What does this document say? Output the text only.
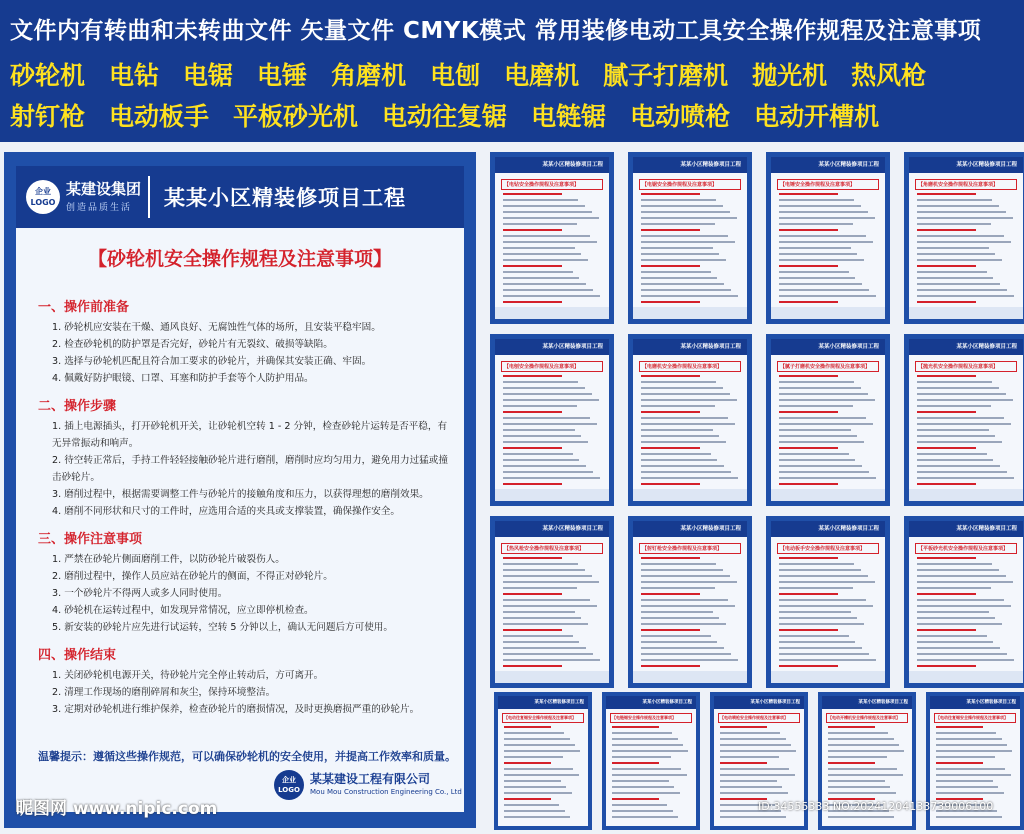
文件内有转曲和未转曲文件 矢量文件 CMYK模式 常用装修电动工具安全操作规程及注意事项
砂轮机 电钻 电锯 电锤 角磨机 电刨 电磨机 腻子打磨机 抛光机 热风枪
射钉枪 电动板手 平板砂光机 电动往复锯 电链锯 电动喷枪 电动开槽机
企业LOGO
某建设集团
创造品质生活 某某小区精装修项目工程
【砂轮机安全操作规程及注意事项】
一、操作前准备
1. 砂轮机应安装在干燥、通风良好、无腐蚀性气体的场所，且安装平稳牢固。
2. 检查砂轮机的防护罩是否完好，砂轮片有无裂纹、破损等缺陷。
3. 选择与砂轮机匹配且符合加工要求的砂轮片，并确保其安装正确、牢固。
4. 佩戴好防护眼镜、口罩、耳塞和防护手套等个人防护用品。
二、操作步骤
1. 插上电源插头，打开砂轮机开关，让砂轮机空转 1 - 2 分钟，检查砂轮片运转是否平稳，有无异常振动和响声。
2. 待空转正常后，手持工件轻轻接触砂轮片进行磨削，磨削时应均匀用力，避免用力过猛或撞击砂轮片。
3. 磨削过程中，根据需要调整工件与砂轮片的接触角度和压力，以获得理想的磨削效果。
4. 磨削不同形状和尺寸的工件时，应选用合适的夹具或支撑装置，确保操作安全。
三、操作注意事项
1. 严禁在砂轮片侧面磨削工件，以防砂轮片破裂伤人。
2. 磨削过程中，操作人员应站在砂轮片的侧面，不得正对砂轮片。
3. 一个砂轮片不得两人或多人同时使用。
4. 砂轮机在运转过程中，如发现异常情况，应立即停机检查。
5. 新安装的砂轮片应先进行试运转，空转 5 分钟以上，确认无问题后方可使用。
四、操作结束
1. 关闭砂轮机电源开关，待砂轮片完全停止转动后，方可离开。
2. 清理工作现场的磨削碎屑和灰尘，保持环境整洁。
3. 定期对砂轮机进行维护保养，检查砂轮片的磨损情况，及时更换磨损严重的砂轮片。
温馨提示：遵循这些操作规范，可以确保砂轮机的安全使用，并提高工作效率和质量。
企业LOGO
某某建设工程有限公司
Mou Mou Construction Engineering Co., Ltd
某某小区精装修项目工程
【电钻安全操作规程及注意事项】
某某小区精装修项目工程
【电锯安全操作规程及注意事项】
某某小区精装修项目工程
【电锤安全操作规程及注意事项】
某某小区精装修项目工程
【角磨机安全操作规程及注意事项】
某某小区精装修项目工程
【电刨安全操作规程及注意事项】
某某小区精装修项目工程
【电磨机安全操作规程及注意事项】
某某小区精装修项目工程
【腻子打磨机安全操作规程及注意事项】
某某小区精装修项目工程
【抛光机安全操作规程及注意事项】
某某小区精装修项目工程
【热风枪安全操作规程及注意事项】
某某小区精装修项目工程
【射钉枪安全操作规程及注意事项】
某某小区精装修项目工程
【电动板手安全操作规程及注意事项】
某某小区精装修项目工程
【平板砂光机安全操作规程及注意事项】
某某小区精装修项目工程
【电动往复锯安全操作规程及注意事项】
某某小区精装修项目工程
【电链锯安全操作规程及注意事项】
某某小区精装修项目工程
【电动喷枪安全操作规程及注意事项】
某某小区精装修项目工程
【电动开槽机安全操作规程及注意事项】
某某小区精装修项目工程
【电动往复锯安全操作规程及注意事项】
昵图网 www.nipic.com	ID:34555333 NO:20241204133739006100
